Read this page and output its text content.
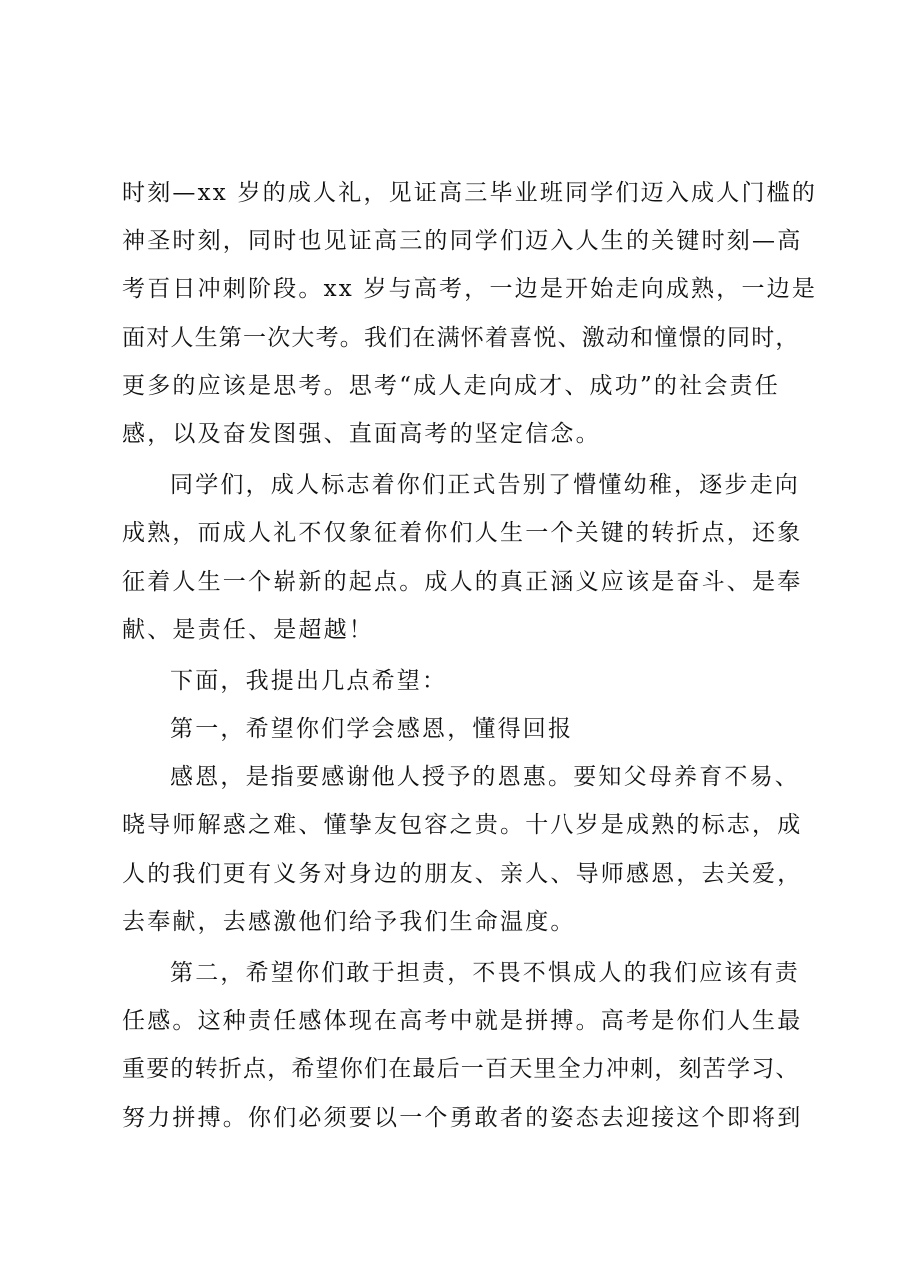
时刻—xx 岁的成人礼，见证高三毕业班同学们迈入成人门槛的
神圣时刻，同时也见证高三的同学们迈入人生的关键时刻—高
考百日冲刺阶段。xx 岁与高考，一边是开始走向成熟，一边是
面对人生第一次大考。我们在满怀着喜悦、激动和憧憬的同时，
更多的应该是思考。思考“成人走向成才、成功”的社会责任
感，以及奋发图强、直面高考的坚定信念。
同学们，成人标志着你们正式告别了懵懂幼稚，逐步走向
成熟，而成人礼不仅象征着你们人生一个关键的转折点，还象
征着人生一个崭新的起点。成人的真正涵义应该是奋斗、是奉
献、是责任、是超越！
下面，我提出几点希望：
第一，希望你们学会感恩，懂得回报
感恩，是指要感谢他人授予的恩惠。要知父母养育不易、
晓导师解惑之难、懂挚友包容之贵。十八岁是成熟的标志，成
人的我们更有义务对身边的朋友、亲人、导师感恩，去关爱，
去奉献，去感激他们给予我们生命温度。
第二，希望你们敢于担责，不畏不惧成人的我们应该有责
任感。这种责任感体现在高考中就是拼搏。高考是你们人生最
重要的转折点，希望你们在最后一百天里全力冲刺，刻苦学习、
努力拼搏。你们必须要以一个勇敢者的姿态去迎接这个即将到
